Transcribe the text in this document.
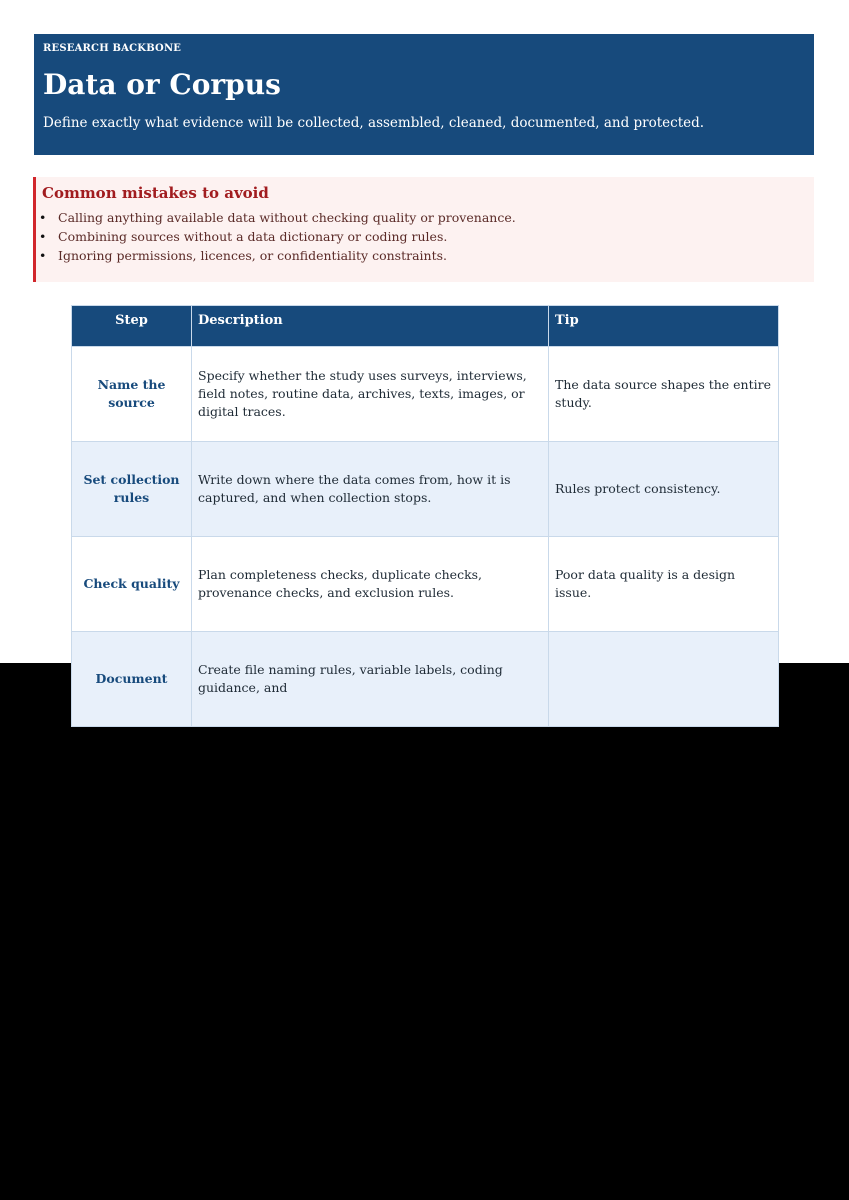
RESEARCH BACKBONE

Data or Corpus

Define exactly what evidence will be collected, assembled, cleaned, documented, and protected.

Common mistakes to avoid
• Calling anything available data without checking quality or provenance.
• Combining sources without a data dictionary or coding rules.
• Ignoring permissions, licences, or confidentiality constraints.
Step	Description	Tip
Name the source	Specify whether the study uses surveys, interviews, field notes, routine data, archives, texts, images, or digital traces.	The data source shapes the entire study.
Set collection rules	Write down where the data comes from, how it is captured, and when collection stops.	Rules protect consistency.
Check quality	Plan completeness checks, duplicate checks, provenance checks, and exclusion rules.	Poor data quality is a design issue.
Document	Create file naming rules, variable labels, coding guidance, and	
